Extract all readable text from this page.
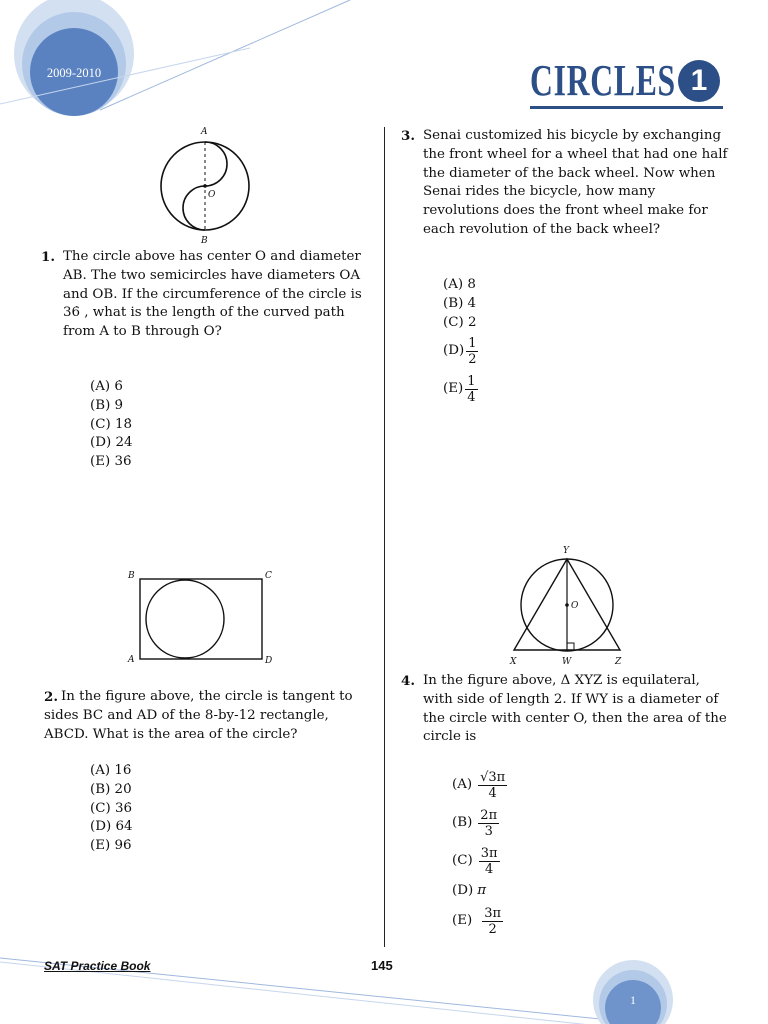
2009-2010	CIRCLES 1
A
O
B
1. The circle above has center O and diameter AB. The two semicircles have diameters OA and OB. If the circumference of the circle is 36̇ , what is the length of the curved path from A to B through O?
(A) 6̇
(B) 9̇
(C) 18̇
(D) 24̇
(E) 36̇
B	C
A	D
2. In the figure above, the circle is tangent to sides BC and AD of the 8-by-12 rectangle, ABCD. What is the area of the circle?
(A) 16̇
(B) 20̇
(C) 36̇
(D) 64̇
(E) 96̇
3. Senai customized his bicycle by exchanging the front wheel for a wheel that had one half the diameter of the back wheel. Now when Senai rides the bicycle, how many revolutions does the front wheel make for each revolution of the back wheel?
(A) 8
(B) 4
(C) 2
$(D) \frac{1}{2}$
$(E) \frac{1}{4}$
Y
O
X	W	Z
4. In the figure above, Δ XYZ is equilateral, with side of length 2. If WY is a diameter of the circle with center O, then the area of the circle is
$(A) \frac{√3\pi}{4}$
$(B) \frac{2\pi}{3}$
$(C) \frac{3\pi}{4}$
(D) π
$(E) \frac{3\pi}{2}$
SAT Practice Book	145
1
